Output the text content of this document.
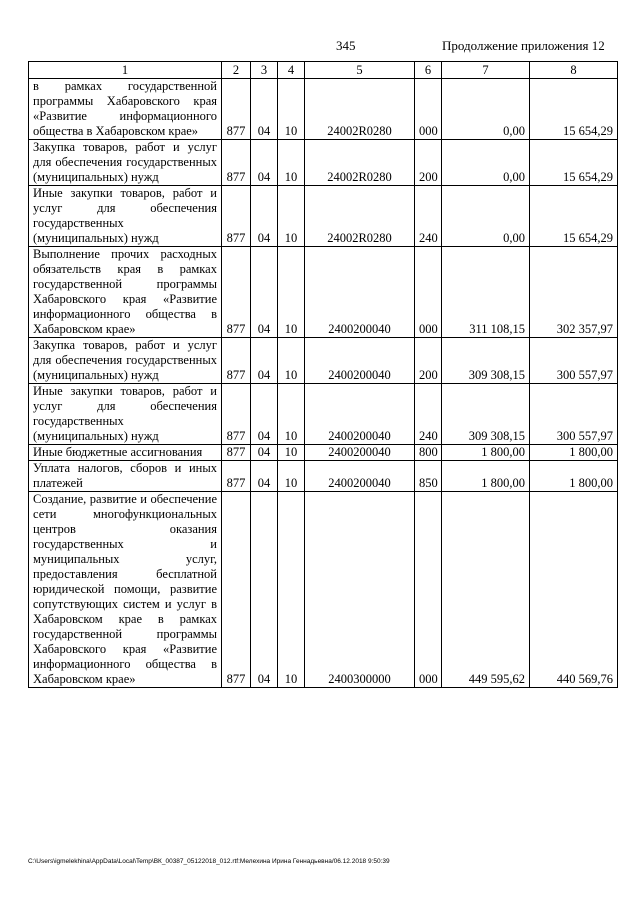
345	Продолжение приложения 12
1	2	3	4	5	6	7	8

в рамках государственной программы Хабаровского края «Развитие информационного общества в Хабаровском крае»	877	04	10	24002R0280	000	0,00	15 654,29

Закупка товаров, работ и услуг для обеспечения государственных (муниципальных) нужд	877	04	10	24002R0280	200	0,00	15 654,29

Иные закупки товаров, работ и услуг для обеспечения государственных (муниципальных) нужд	877	04	10	24002R0280	240	0,00	15 654,29

Выполнение прочих расходных обязательств края в рамках государственной программы Хабаровского края «Развитие информационного общества в Хабаровском крае»	877	04	10	2400200040	000	311 108,15	302 357,97

Закупка товаров, работ и услуг для обеспечения государственных (муниципальных) нужд	877	04	10	2400200040	200	309 308,15	300 557,97

Иные закупки товаров, работ и услуг для обеспечения государственных (муниципальных) нужд	877	04	10	2400200040	240	309 308,15	300 557,97

Иные бюджетные ассигнования	877	04	10	2400200040	800	1 800,00	1 800,00

Уплата налогов, сборов и иных платежей	877	04	10	2400200040	850	1 800,00	1 800,00

Создание, развитие и обеспечение сети многофункциональных центров оказания государственных и муниципальных услуг, предоставления бесплатной юридической помощи, развитие сопутствующих систем и услуг в Хабаровском крае в рамках государственной программы Хабаровского края «Развитие информационного общества в Хабаровском крае»	877	04	10	2400300000	000	449 595,62	440 569,76
C:\Users\igmelekhina\AppData\Local\Temp\ВК_00387_05122018_012.rtf:Мелехина Ирина Геннадьевна/06.12.2018 9:50:39
